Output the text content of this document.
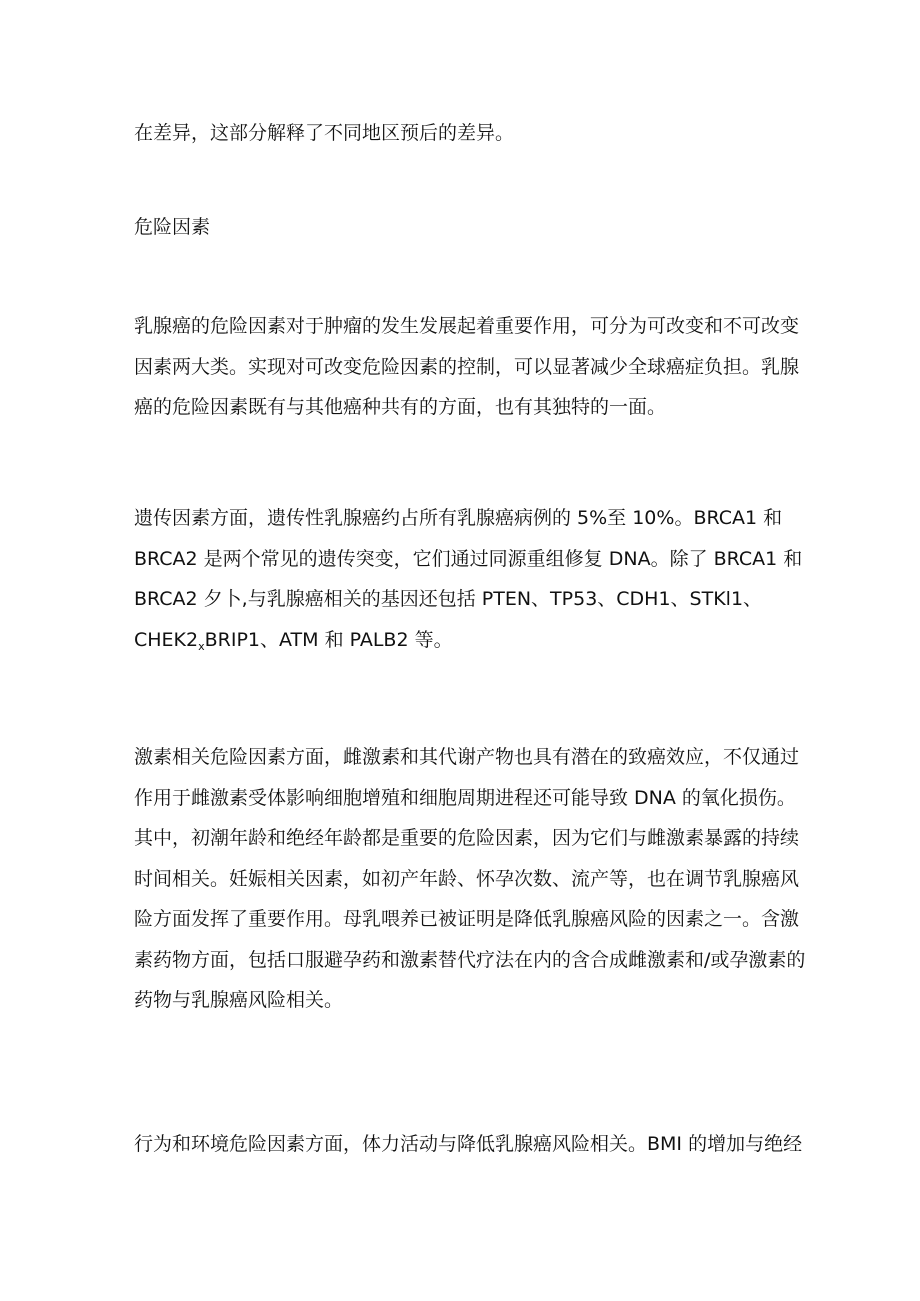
在差异，这部分解释了不同地区预后的差异。

危险因素

乳腺癌的危险因素对于肿瘤的发生发展起着重要作用，可分为可改变和不可改变
因素两大类。实现对可改变危险因素的控制，可以显著减少全球癌症负担。乳腺
癌的危险因素既有与其他癌种共有的方面，也有其独特的一面。

遗传因素方面，遗传性乳腺癌约占所有乳腺癌病例的 5%至 10%。BRCA1 和
BRCA2 是两个常见的遗传突变，它们通过同源重组修复 DNA。除了 BRCA1 和
BRCA2 夕卜,与乳腺癌相关的基因还包括 PTEN、TP53、CDH1、STKl1、
$CHEK2_xBRIP1$、ATM 和 PALB2 等。

激素相关危险因素方面，雌激素和其代谢产物也具有潜在的致癌效应，不仅通过
作用于雌激素受体影响细胞增殖和细胞周期进程还可能导致 DNA 的氧化损伤。
其中，初潮年龄和绝经年龄都是重要的危险因素，因为它们与雌激素暴露的持续
时间相关。妊娠相关因素，如初产年龄、怀孕次数、流产等，也在调节乳腺癌风
险方面发挥了重要作用。母乳喂养已被证明是降低乳腺癌风险的因素之一。含激
素药物方面，包括口服避孕药和激素替代疗法在内的含合成雌激素和/或孕激素的
药物与乳腺癌风险相关。

行为和环境危险因素方面，体力活动与降低乳腺癌风险相关。BMI 的增加与绝经
